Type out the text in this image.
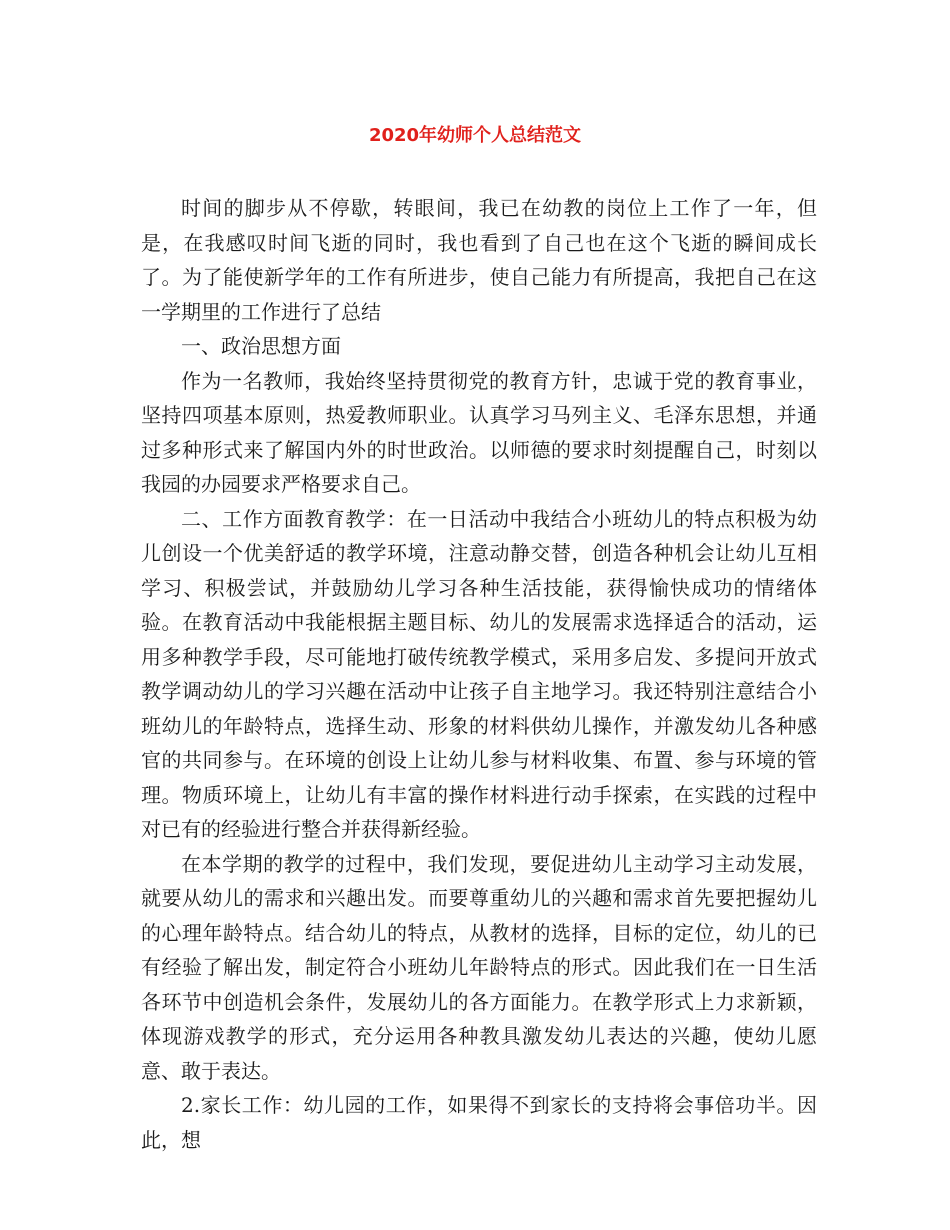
2020年幼师个人总结范文

时间的脚步从不停歇，转眼间，我已在幼教的岗位上工作了一年，但是，在我感叹时间飞逝的同时，我也看到了自己也在这个飞逝的瞬间成长了。为了能使新学年的工作有所进步，使自己能力有所提高，我把自己在这一学期里的工作进行了总结

一、政治思想方面

作为一名教师，我始终坚持贯彻党的教育方针，忠诚于党的教育事业，坚持四项基本原则，热爱教师职业。认真学习马列主义、毛泽东思想，并通过多种形式来了解国内外的时世政治。以师德的要求时刻提醒自己，时刻以我园的办园要求严格要求自己。

二、工作方面教育教学：在一日活动中我结合小班幼儿的特点积极为幼儿创设一个优美舒适的教学环境，注意动静交替，创造各种机会让幼儿互相学习、积极尝试，并鼓励幼儿学习各种生活技能，获得愉快成功的情绪体验。在教育活动中我能根据主题目标、幼儿的发展需求选择适合的活动，运用多种教学手段，尽可能地打破传统教学模式，采用多启发、多提问开放式教学调动幼儿的学习兴趣在活动中让孩子自主地学习。我还特别注意结合小班幼儿的年龄特点，选择生动、形象的材料供幼儿操作，并激发幼儿各种感官的共同参与。在环境的创设上让幼儿参与材料收集、布置、参与环境的管理。物质环境上，让幼儿有丰富的操作材料进行动手探索，在实践的过程中对已有的经验进行整合并获得新经验。

在本学期的教学的过程中，我们发现，要促进幼儿主动学习主动发展，就要从幼儿的需求和兴趣出发。而要尊重幼儿的兴趣和需求首先要把握幼儿的心理年龄特点。结合幼儿的特点，从教材的选择，目标的定位，幼儿的已有经验了解出发，制定符合小班幼儿年龄特点的形式。因此我们在一日生活各环节中创造机会条件，发展幼儿的各方面能力。在教学形式上力求新颖，体现游戏教学的形式，充分运用各种教具激发幼儿表达的兴趣，使幼儿愿意、敢于表达。

2.家长工作：幼儿园的工作，如果得不到家长的支持将会事倍功半。因此，想
